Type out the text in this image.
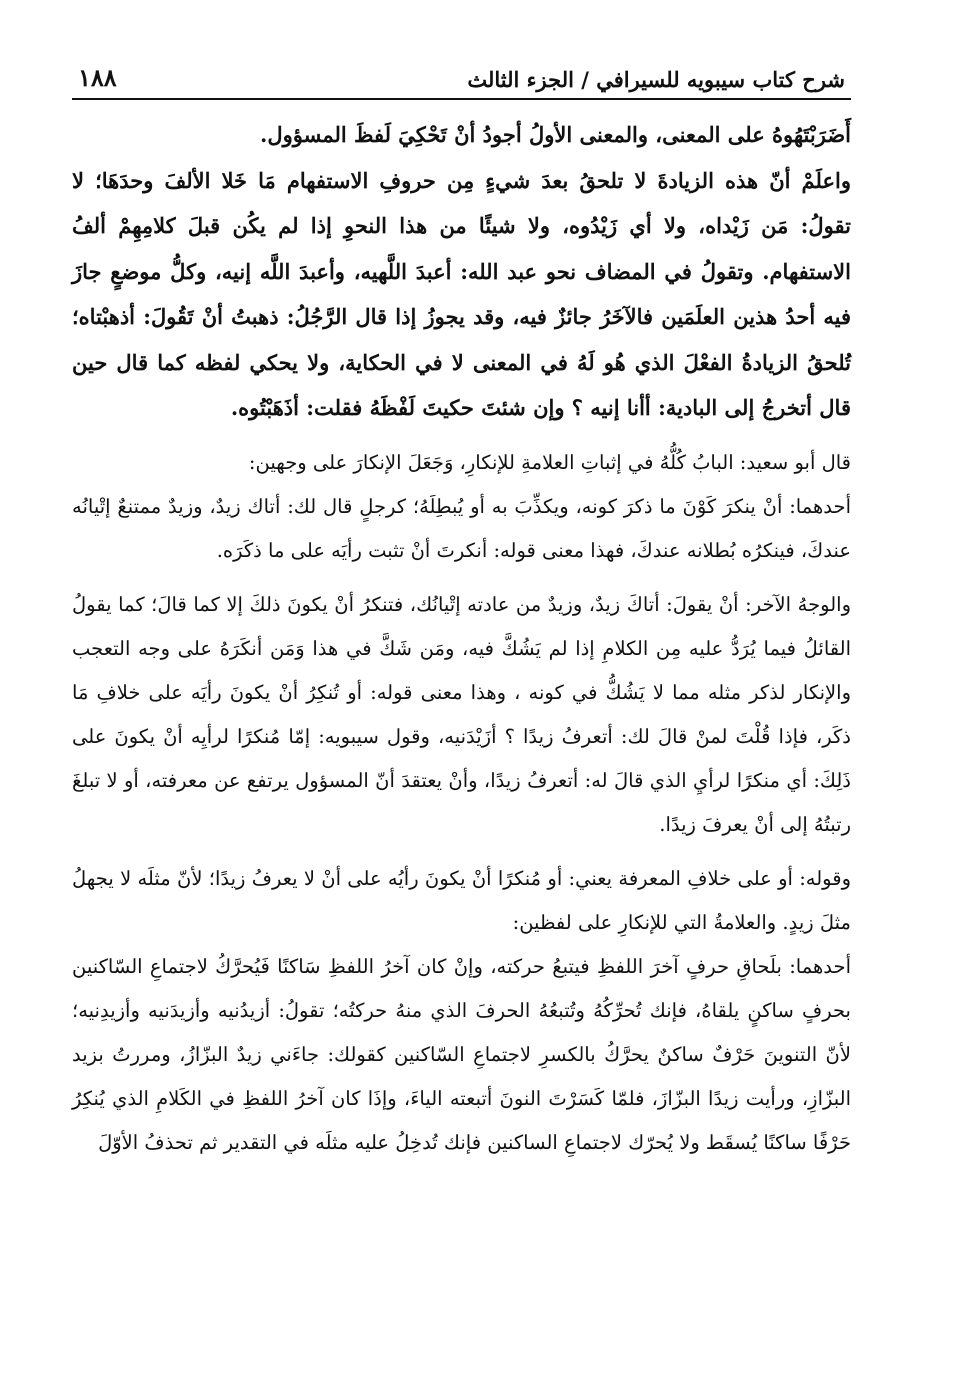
شرح كتاب سيبويه للسيرافي / الجزء الثالث
١٨٨

أَضَرَبْتَهُوهُ على المعنى، والمعنى الأولُ أجودُ أنْ تَحْكِيَ لَفظَ المسؤول.

واعلَمْ أنّ هذه الزيادةَ لا تلحقُ بعدَ شيءٍ مِن حروفِ الاستفهام مَا خَلا الألفَ وحدَهَا؛ لا تقولُ: مَن زَيْداه، ولا أي زَيْدُوه، ولا شيئًا من هذا النحوِ إذا لم يكُن قبلَ كلامِهِمْ ألفُ الاستفهام. وتقولُ في المضاف نحو عبد الله: أعبدَ اللَّهيه، وأعبدَ اللَّه إنيه، وكلُّ موضعٍ جازَ فيه أحدُ هذين العلَمَين فالآخَرُ جائزٌ فيه، وقد يجوزُ إذا قال الرَّجُلُ: ذهبتُ أنْ تَقُولَ: أذهبْتاه؛ تُلحقُ الزيادةُ الفعْلَ الذي هُو لَهُ في المعنى لا في الحكاية، ولا يحكي لفظه كما قال حين قال أتخرجُ إلى البادية: أأنا إنيه ؟ وإن شئتَ حكيتَ لَفْظَهُ فقلت: أذَهَبْتُوه.

قال أبو سعيد: البابُ كُلُّهُ في إثباتِ العلامةِ للإنكارِ، وَجَعَلَ الإنكارَ على وجهين:

أحدهما: أنْ ينكرَ كَوْنَ ما ذكرَ كونه، ويكذِّبَ به أو يُبطِلَهُ؛ كرجلٍ قال لك: أتاك زيدٌ، وزيدٌ ممتنعٌ إتْيانُه عندكَ، فينكرُه بُطلانه عندكَ، فهذا معنى قوله: أنكرتَ أنْ تثبت رأيَه على ما ذكَرَه.

والوجهُ الآخر: أنْ يقولَ: أتاكَ زيدٌ، وزيدٌ من عادته إتْيانُك، فتنكرُ أنْ يكونَ ذلكَ إلا كما قالَ؛ كما يقولُ القائلُ فيما يُرَدُّ عليه مِن الكلامِ إذا لم يَشُكَّ فيه، ومَن شَكَّ في هذا وَمَن أنكَرَهُ على وجه التعجب والإنكار لذكر مثله مما لا يَشُكُّ في كونه ، وهذا معنى قوله: أو تُنكِرُ أنْ يكونَ رأيَه على خلافِ مَا ذكَر، فإذا قُلْتَ لمنْ قالَ لك: أتعرفُ زيدًا ؟ أزَيْدَنيه، وقول سيبويه: إمّا مُنكرًا لرأيِه أنْ يكونَ على ذَلِكَ: أي منكرًا لرأيِ الذي قالَ له: أتعرفُ زيدًا، وأنْ يعتقدَ أنّ المسؤول يرتفع عن معرفته، أو لا تبلغَ رتبتُهُ إلى أنْ يعرفَ زيدًا.

وقوله: أو على خلافِ المعرفة يعني: أو مُنكرًا أنْ يكونَ رأيُه على أنْ لا يعرفُ زيدًا؛ لأنّ مثلَه لا يجهلُ مثلَ زيدٍ. والعلامةُ التي للإنكارِ على لفظين:

أحدهما: بلَحاقِ حرفٍ آخرَ اللفظِ فيتبعُ حركته، وإنْ كان آخرُ اللفظِ سَاكنًا فَيُحرَّكُ لاجتماعِ السّاكنين بحرفٍ ساكنٍ يلقاهُ، فإنك تُحرِّكُهُ وتُتبعُهُ الحرفَ الذي منهُ حركتُه؛ تقولُ: أزيدُنيه وأزيدَنيه وأزيدِنيه؛ لأنّ التنوينَ حَرْفٌ ساكنٌ يحرَّكُ بالكسرِ لاجتماعِ السّاكنين كقولك: جاءَني زيدٌ البزّازُ، ومررتُ بزيد البزّازِ، ورأيت زيدًا البزّازَ، فلمّا كَسَرْتَ النونَ أتبعته الياءَ، وإذَا كان آخرُ اللفظِ في الكَلامِ الذي يُنكِرُ حَرْفًا ساكنًا يُسقَط ولا يُحرّك لاجتماعِ الساكنين فإنك تُدخِلُ عليه مثلَه في التقدير ثم تحذفُ الأوّلَ
